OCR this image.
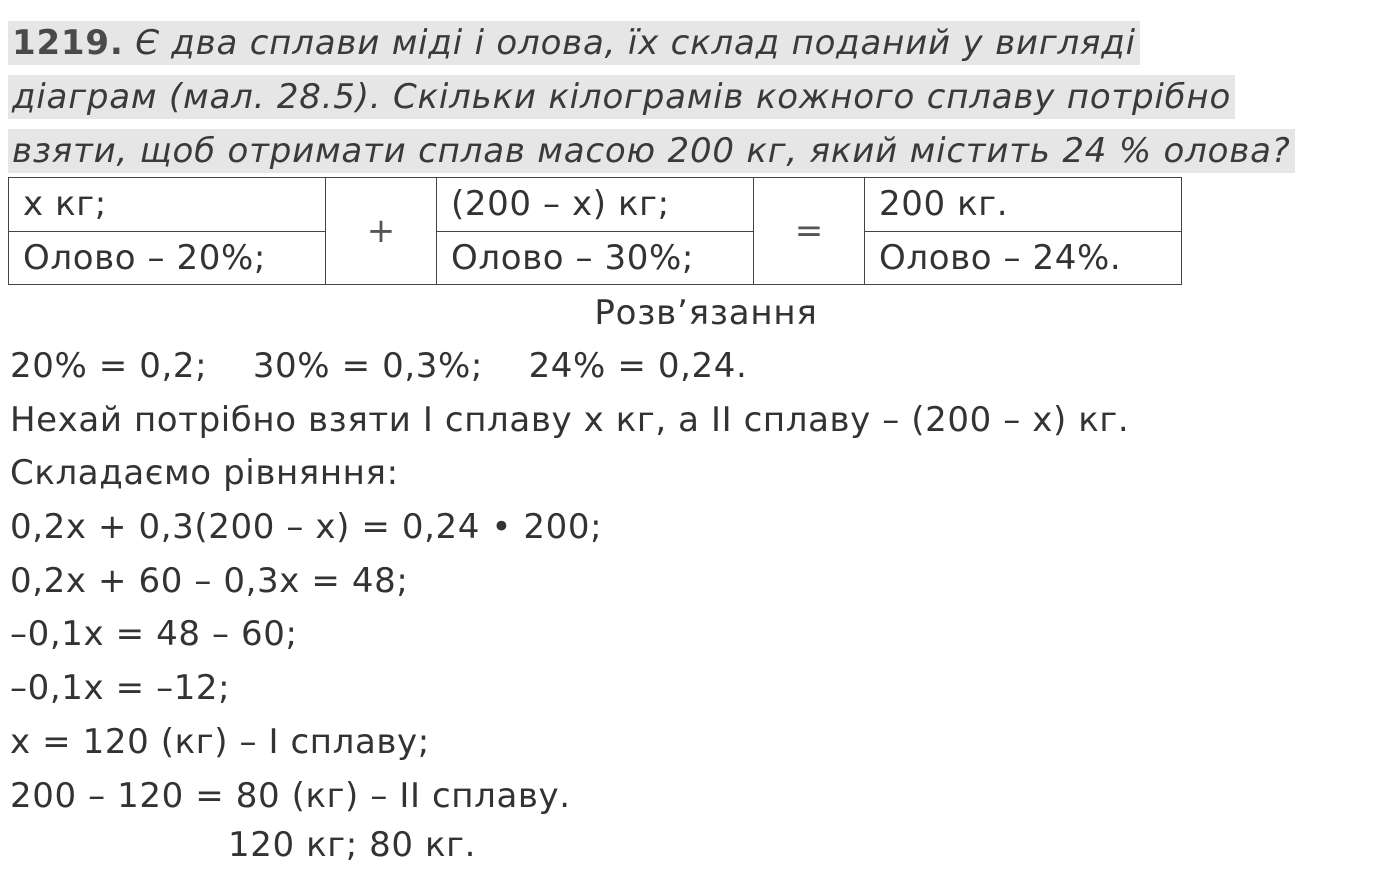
1219. Є два сплави міді і олова, їх склад поданий у вигляді
діаграм (мал. 28.5). Скільки кілограмів кожного сплаву потрібно
взяти, щоб отримати сплав масою 200 кг, який містить 24 % олова?
x кг;
Олово – 20%;
+
(200 – x) кг;
Олово – 30%;
=
200 кг.
Олово – 24%.
Розв’язання
20% = 0,2;    30% = 0,3%;    24% = 0,24.
Нехай потрібно взяти I сплаву x кг, а II сплаву – (200 – x) кг.
Складаємо рівняння:
0,2x + 0,3(200 – x) = 0,24 • 200;
0,2x + 60 – 0,3x = 48;
–0,1x = 48 – 60;
–0,1x = –12;
x = 120 (кг) – I сплаву;
200 – 120 = 80 (кг) – II сплаву.
120 кг; 80 кг.
